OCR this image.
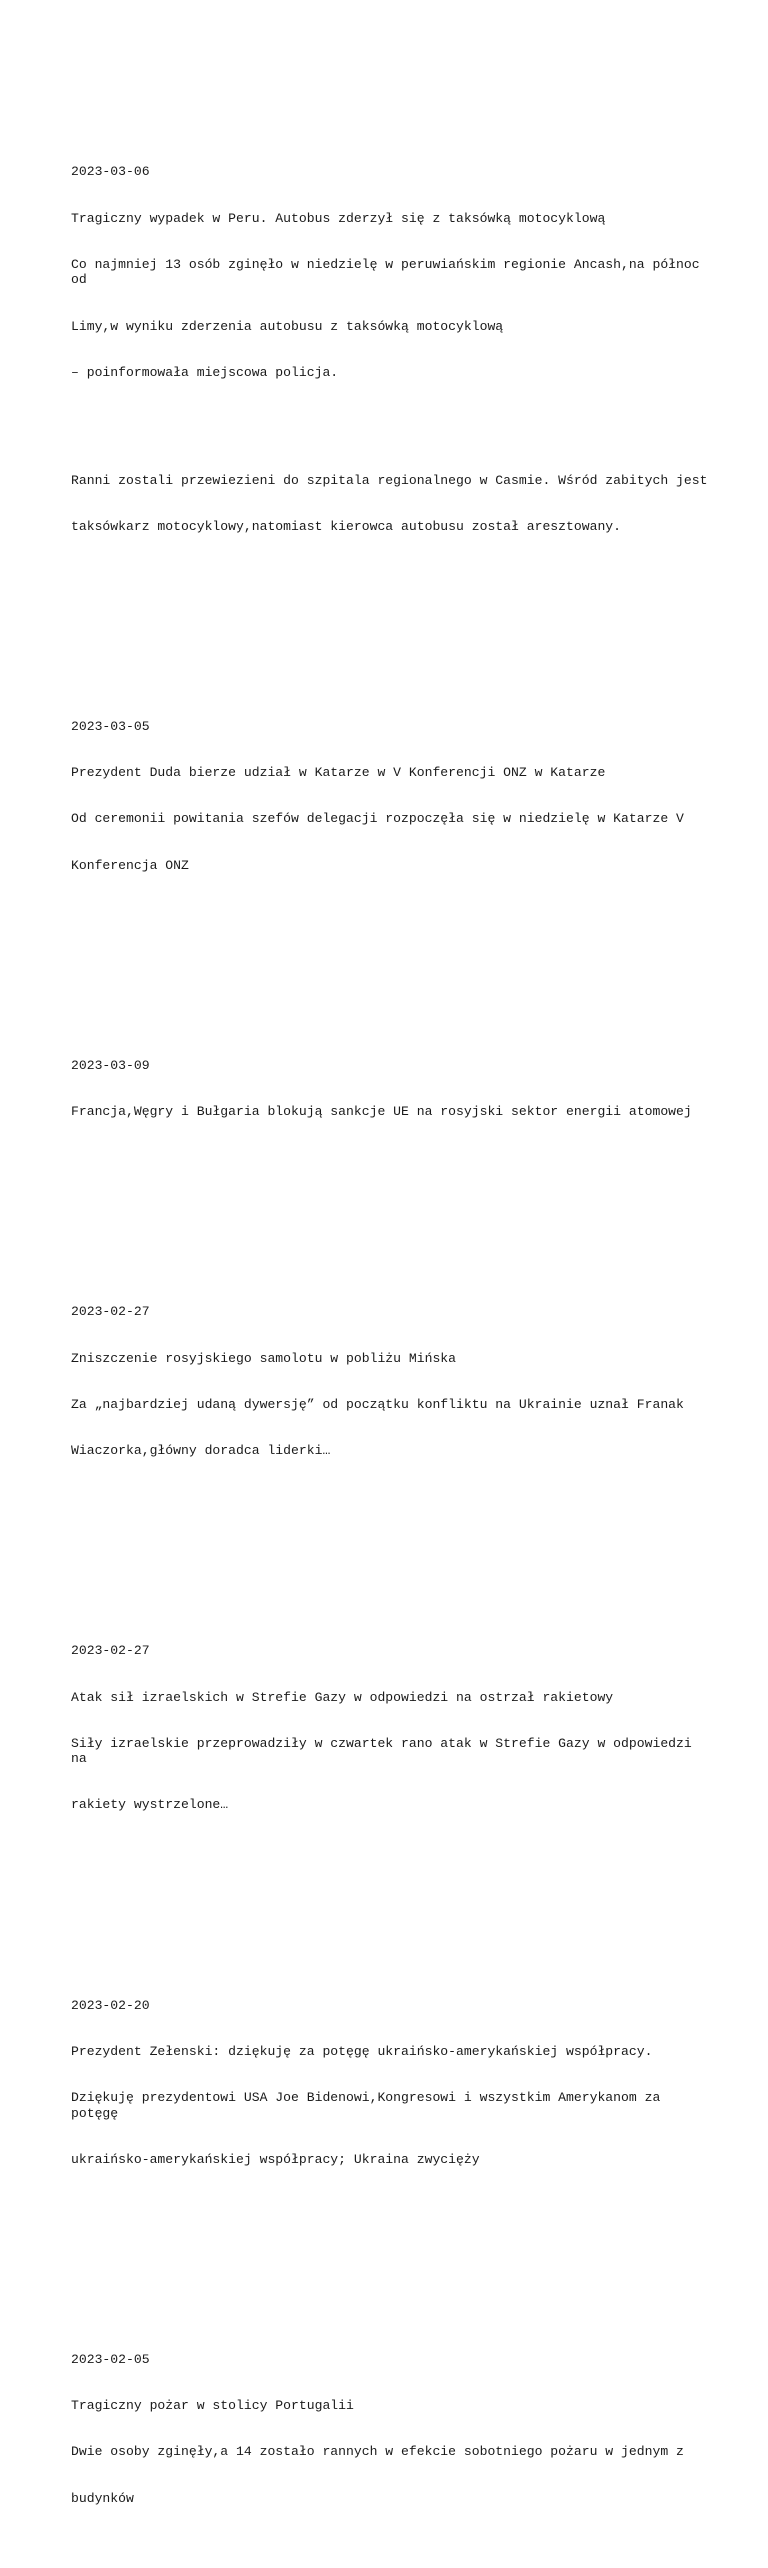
2023-03-06

Tragiczny wypadek w Peru. Autobus zderzył się z taksówką motocyklową

Co najmniej 13 osób zginęło w niedzielę w peruwiańskim regionie Ancash,na północ od

Limy,w wyniku zderzenia autobusu z taksówką motocyklową

– poinformowała miejscowa policja.

Ranni zostali przewiezieni do szpitala regionalnego w Casmie. Wśród zabitych jest

taksówkarz motocyklowy,natomiast kierowca autobusu został aresztowany.

2023-03-05

Prezydent Duda bierze udział w Katarze w V Konferencji ONZ w Katarze

Od ceremonii powitania szefów delegacji rozpoczęła się w niedzielę w Katarze V

Konferencja ONZ

2023-03-09

Francja,Węgry i Bułgaria blokują sankcje UE na rosyjski sektor energii atomowej

2023-02-27

Zniszczenie rosyjskiego samolotu w pobliżu Mińska

Za „najbardziej udaną dywersję” od początku konfliktu na Ukrainie uznał Franak

Wiaczorka,główny doradca liderki…

2023-02-27

Atak sił izraelskich w Strefie Gazy w odpowiedzi na ostrzał rakietowy

Siły izraelskie przeprowadziły w czwartek rano atak w Strefie Gazy w odpowiedzi na

rakiety wystrzelone…

2023-02-20

Prezydent Zełenski: dziękuję za potęgę ukraińsko-amerykańskiej współpracy.

Dziękuję prezydentowi USA Joe Bidenowi,Kongresowi i wszystkim Amerykanom za potęgę

ukraińsko-amerykańskiej współpracy; Ukraina zwycięży

2023-02-05

Tragiczny pożar w stolicy Portugalii

Dwie osoby zginęły,a 14 zostało rannych w efekcie sobotniego pożaru w jednym z

budynków
